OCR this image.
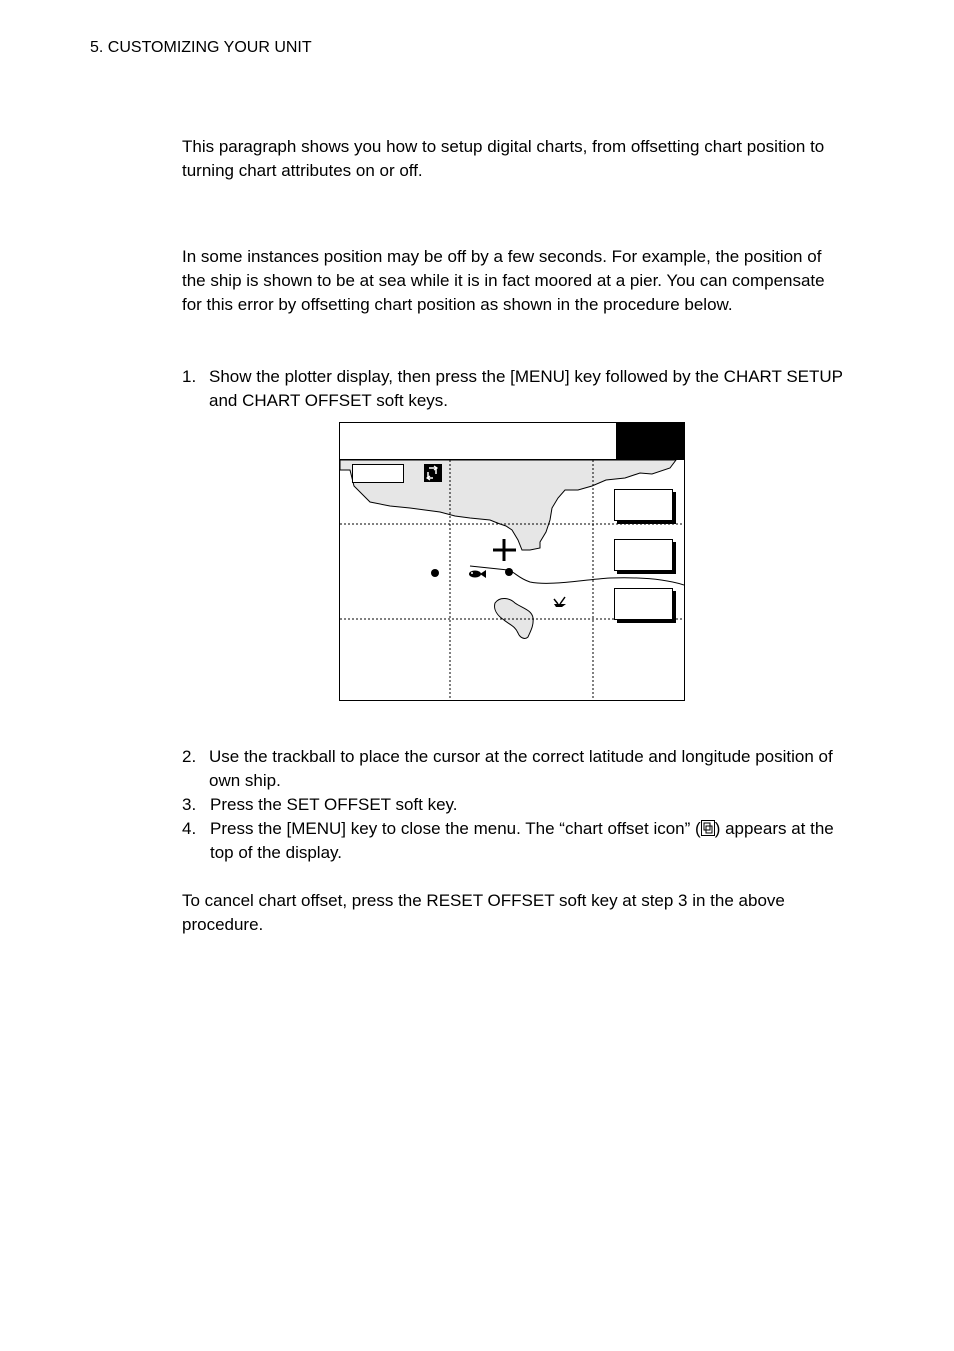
5. CUSTOMIZING YOUR UNIT

This paragraph shows you how to setup digital charts, from offsetting chart position to turning chart attributes on or off.

In some instances position may be off by a few seconds. For example, the position of the ship is shown to be at sea while it is in fact moored at a pier. You can compensate for this error by offsetting chart position as shown in the procedure below.

1. Show the plotter display, then press the [MENU] key followed by the CHART SETUP and CHART OFFSET soft keys.
2. Use the trackball to place the cursor at the correct latitude and longitude position of own ship.
3. Press the SET OFFSET soft key.
4. Press the [MENU] key to close the menu. The “chart offset icon” ( ) appears at the top of the display.

To cancel chart offset, press the RESET OFFSET soft key at step 3 in the above procedure.
